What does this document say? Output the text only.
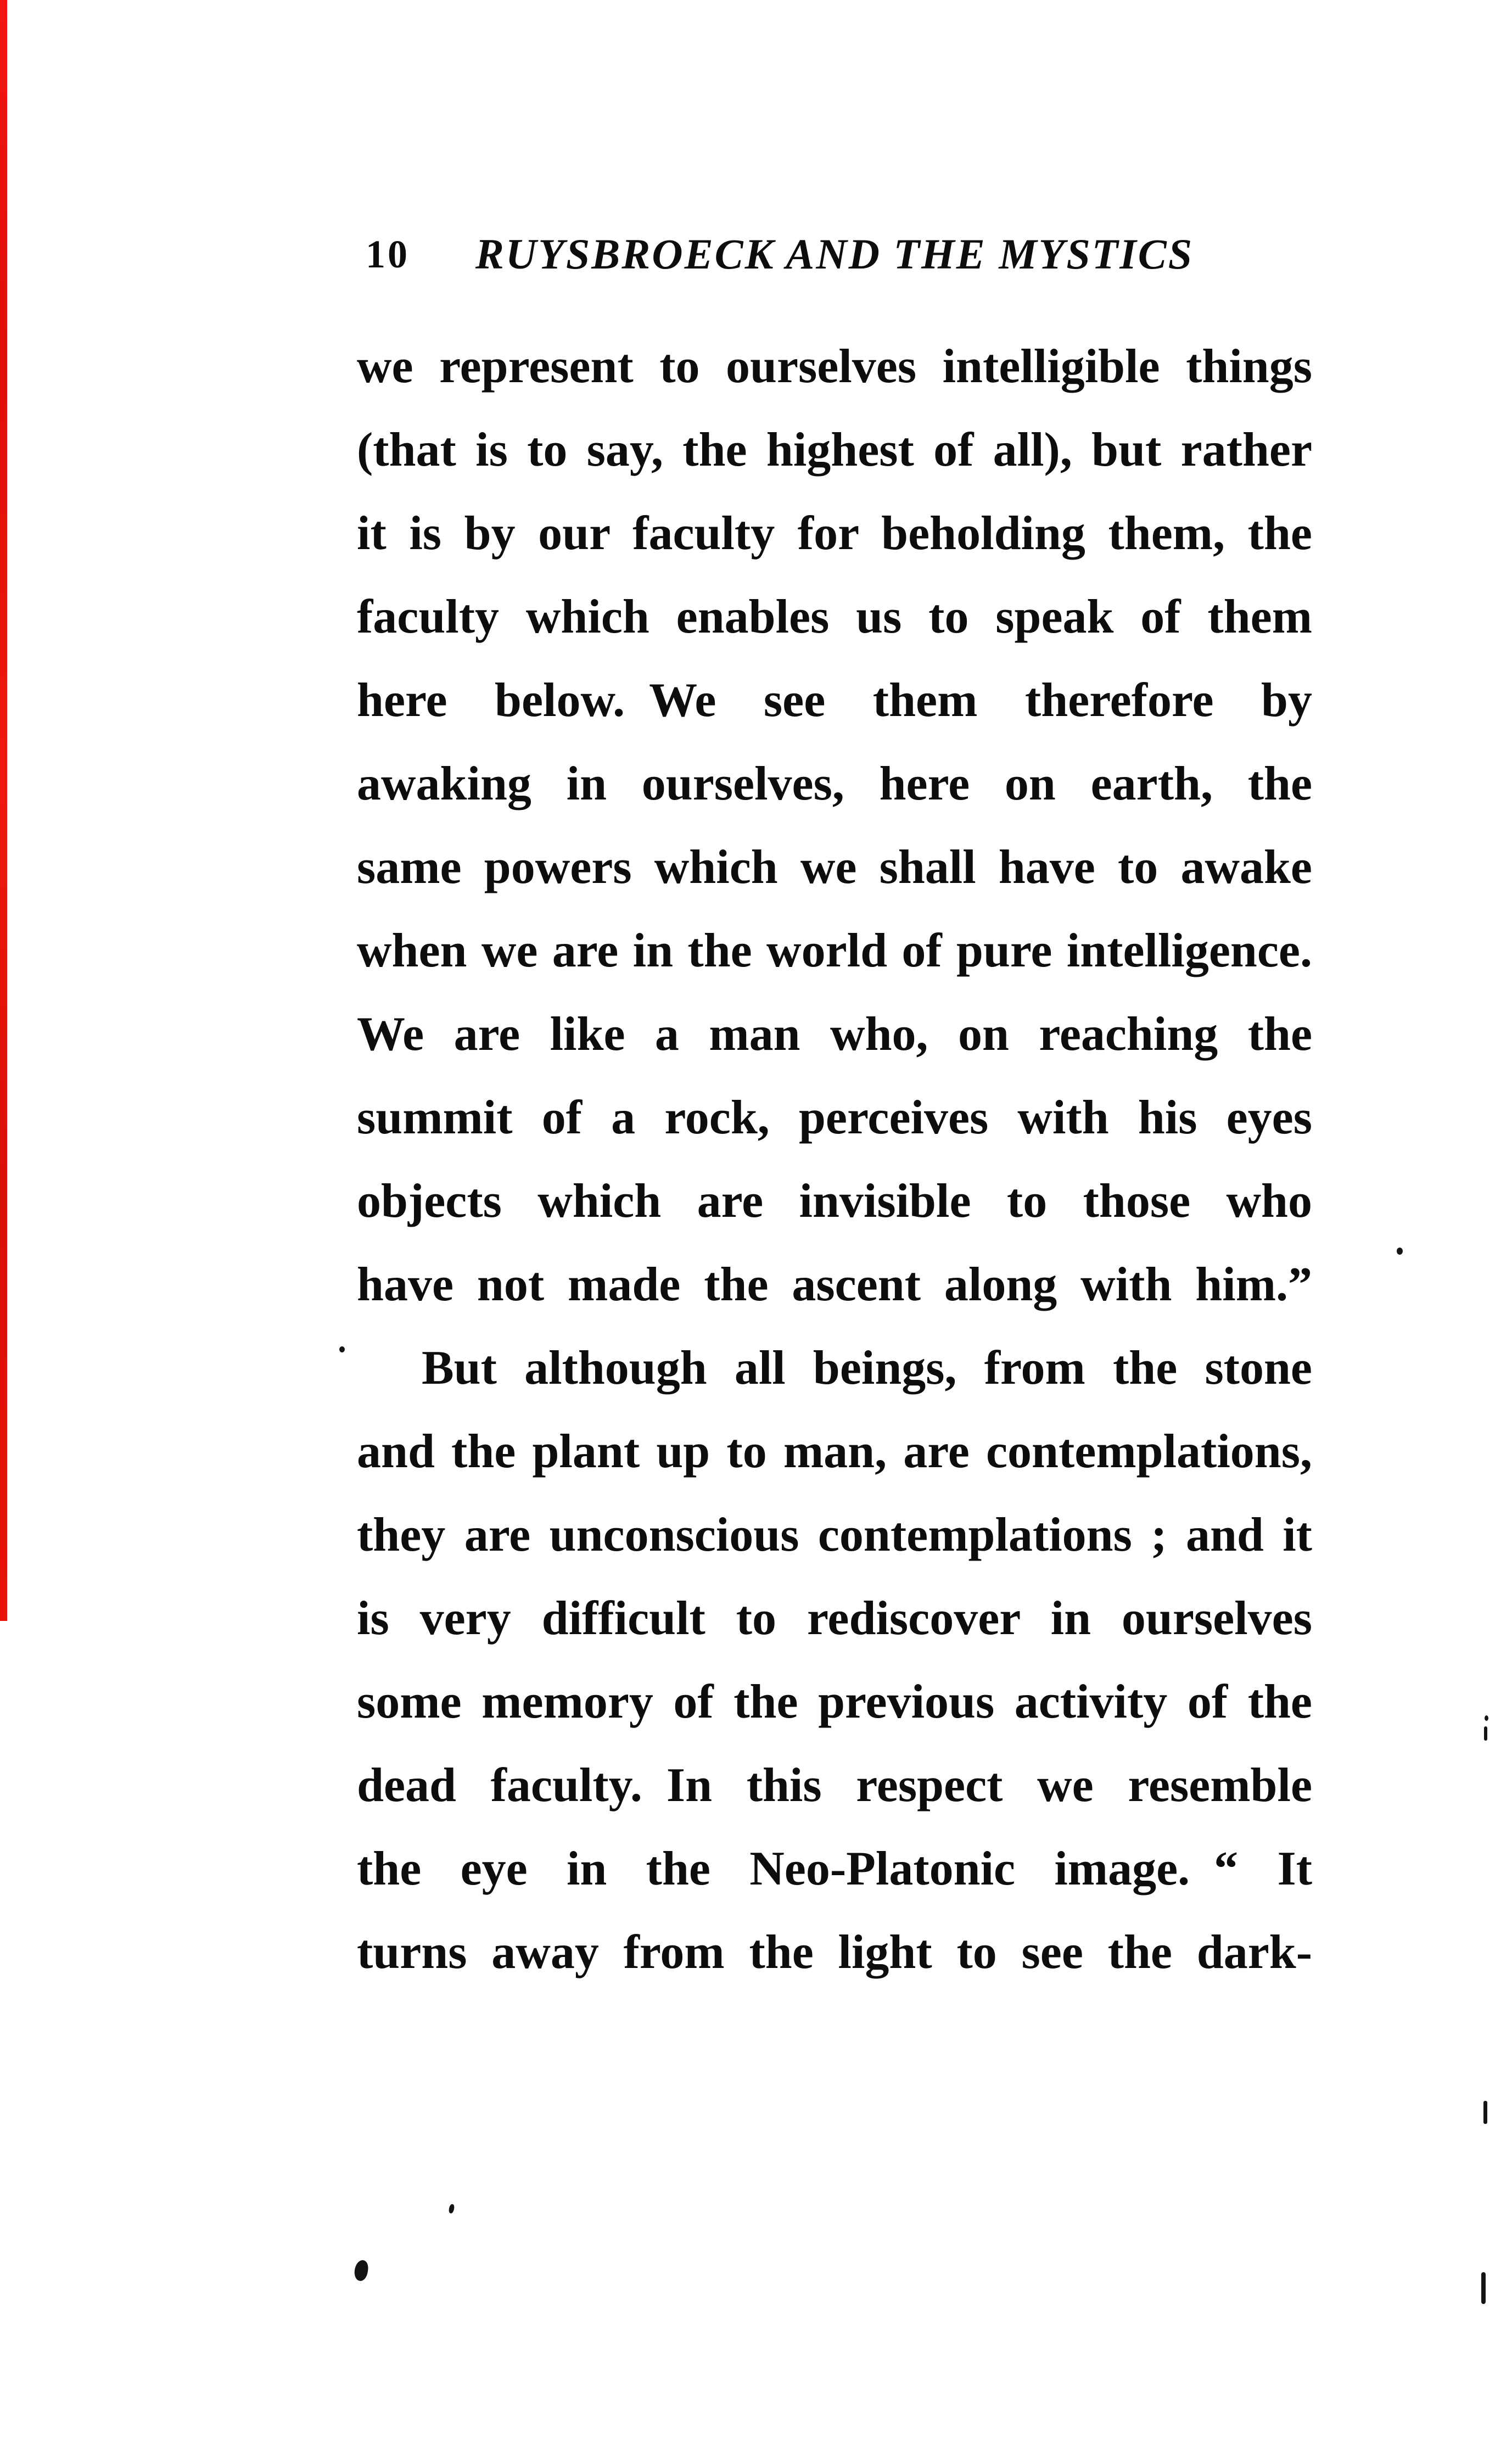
10	RUYSBROECK AND THE MYSTICS
we represent to ourselves intelligible things
(that is to say, the highest of all), but rather
it is by our faculty for beholding them, the
faculty which enables us to speak of them
here below. We see them therefore by
awaking in ourselves, here on earth, the
same powers which we shall have to awake
when we are in the world of pure intelligence.
We are like a man who, on reaching the
summit of a rock, perceives with his eyes
objects which are invisible to those who
have not made the ascent along with him.”
But although all beings, from the stone
and the plant up to man, are contemplations,
they are unconscious contemplations ; and it
is very difficult to rediscover in ourselves
some memory of the previous activity of the
dead faculty. In this respect we resemble
the eye in the Neo-Platonic image. “ It
turns away from the light to see the dark-
